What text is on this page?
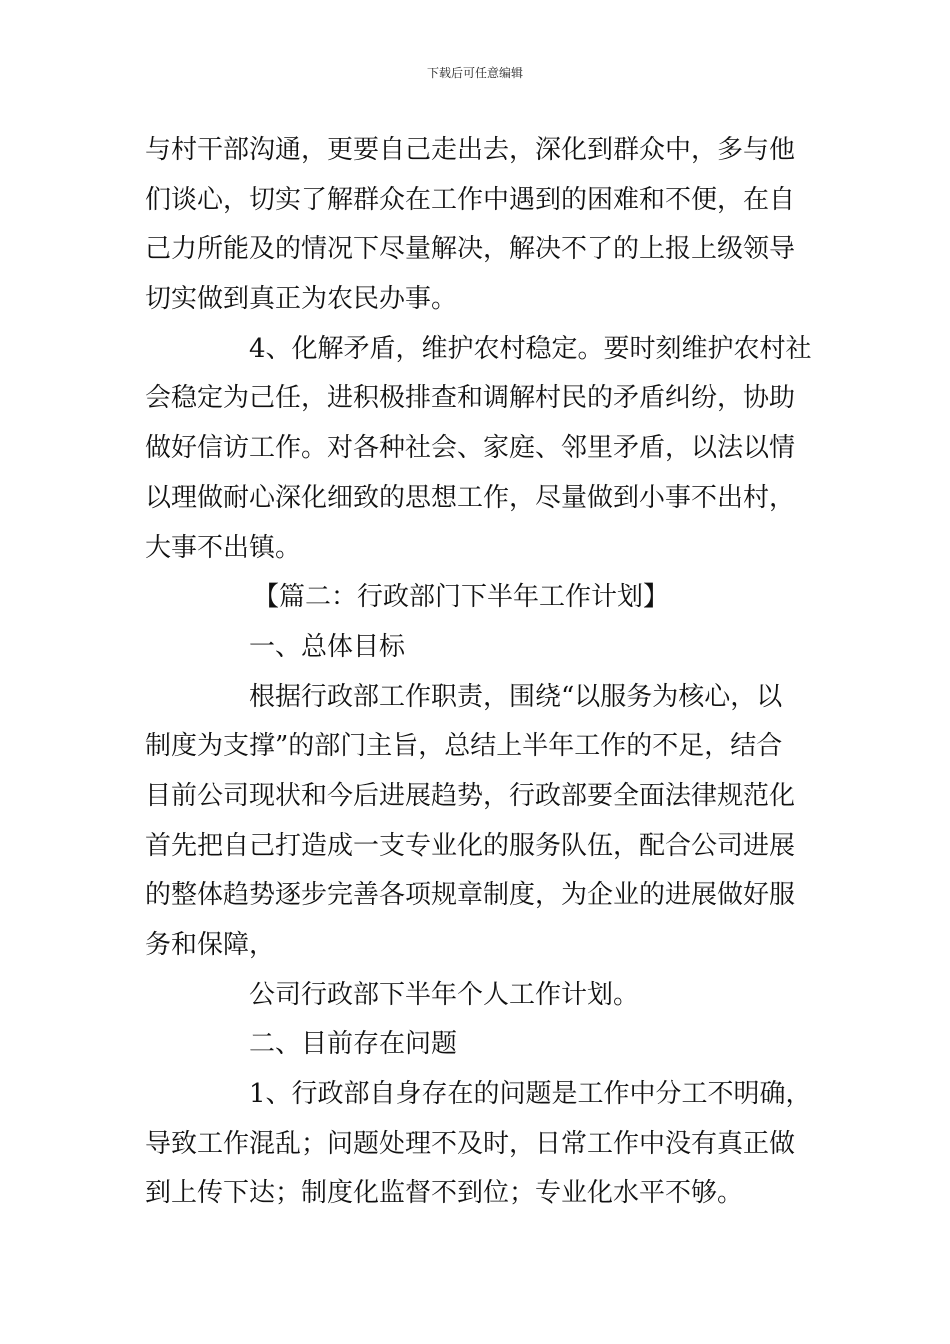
下载后可任意编辑
与村干部沟通，更要自己走出去，深化到群众中，多与他
们谈心，切实了解群众在工作中遇到的困难和不便，在自
己力所能及的情况下尽量解决，解决不了的上报上级领导
切实做到真正为农民办事。
4、化解矛盾，维护农村稳定。要时刻维护农村社
会稳定为己任，进积极排查和调解村民的矛盾纠纷，协助
做好信访工作。对各种社会、家庭、邻里矛盾，以法以情
以理做耐心深化细致的思想工作，尽量做到小事不出村，
大事不出镇。
【篇二：行政部门下半年工作计划】
一、总体目标
根据行政部工作职责，围绕“以服务为核心，以
制度为支撑”的部门主旨，总结上半年工作的不足，结合
目前公司现状和今后进展趋势，行政部要全面法律规范化
首先把自己打造成一支专业化的服务队伍，配合公司进展
的整体趋势逐步完善各项规章制度，为企业的进展做好服
务和保障，
公司行政部下半年个人工作计划。
二、目前存在问题
1、行政部自身存在的问题是工作中分工不明确，
导致工作混乱；问题处理不及时，日常工作中没有真正做
到上传下达；制度化监督不到位；专业化水平不够。
